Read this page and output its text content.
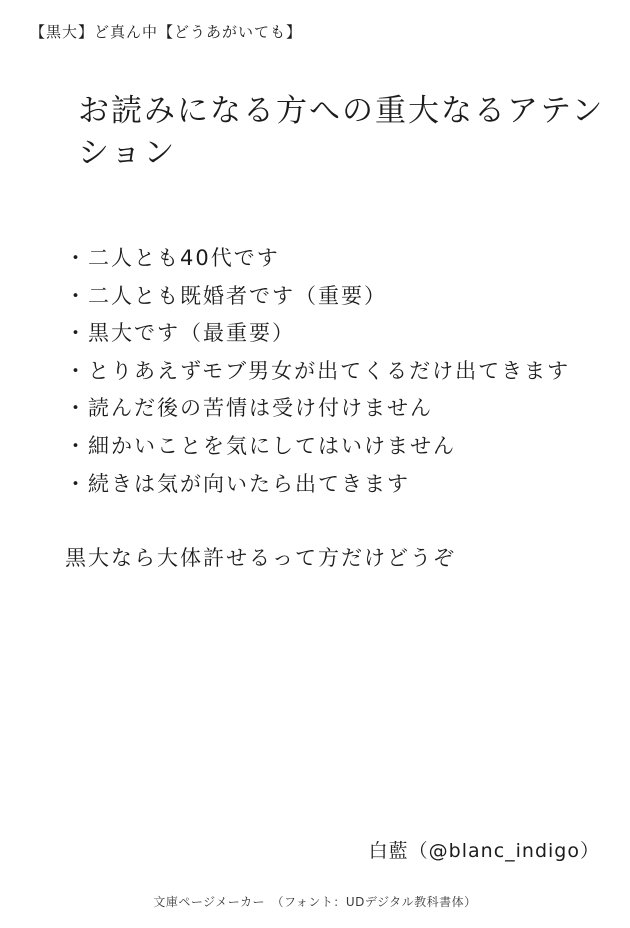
【黒大】ど真ん中【どうあがいても】
お読みになる方への重大なるアテン
ション
・二人とも40代です
・二人とも既婚者です（重要）
・黒大です（最重要）
・とりあえずモブ男女が出てくるだけ出てきます
・読んだ後の苦情は受け付けません
・細かいことを気にしてはいけません
・続きは気が向いたら出てきます
黒大なら大体許せるって方だけどうぞ
白藍（@blanc_indigo）
文庫ページメーカー　（フォント：UDデジタル教科書体）
